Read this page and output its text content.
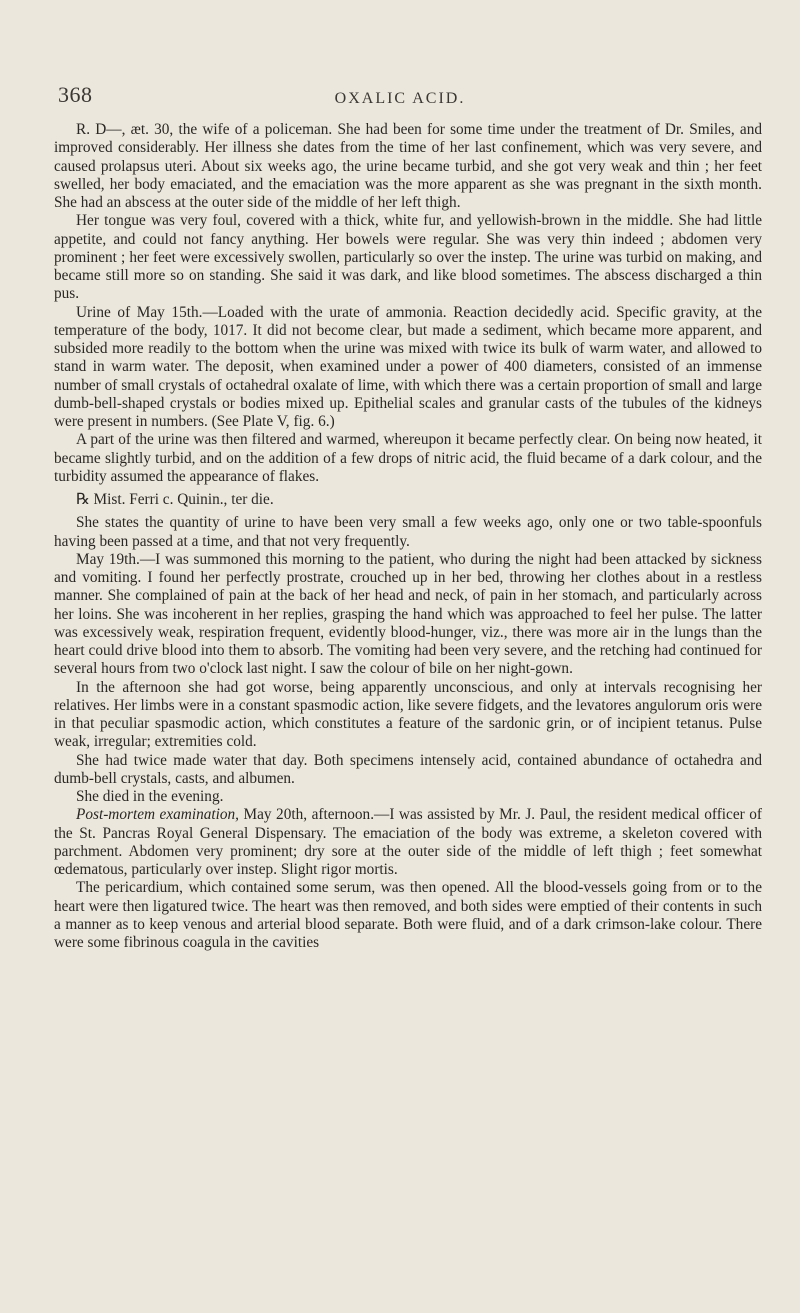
368	OXALIC ACID.

R. D—, æt. 30, the wife of a policeman. She had been for some time under the treatment of Dr. Smiles, and improved considerably. Her illness she dates from the time of her last confinement, which was very severe, and caused prolapsus uteri. About six weeks ago, the urine became turbid, and she got very weak and thin ; her feet swelled, her body emaciated, and the emaciation was the more apparent as she was pregnant in the sixth month. She had an abscess at the outer side of the middle of her left thigh.

Her tongue was very foul, covered with a thick, white fur, and yellowish-brown in the middle. She had little appetite, and could not fancy anything. Her bowels were regular. She was very thin indeed ; abdomen very prominent ; her feet were excessively swollen, particularly so over the instep. The urine was turbid on making, and became still more so on standing. She said it was dark, and like blood sometimes. The abscess discharged a thin pus.

Urine of May 15th.—Loaded with the urate of ammonia. Reaction decidedly acid. Specific gravity, at the temperature of the body, 1017. It did not become clear, but made a sediment, which became more apparent, and subsided more readily to the bottom when the urine was mixed with twice its bulk of warm water, and allowed to stand in warm water. The deposit, when examined under a power of 400 diameters, consisted of an immense number of small crystals of octahedral oxalate of lime, with which there was a certain proportion of small and large dumb-bell-shaped crystals or bodies mixed up. Epithelial scales and granular casts of the tubules of the kidneys were present in numbers. (See Plate V, fig. 6.)

A part of the urine was then filtered and warmed, whereupon it became perfectly clear. On being now heated, it became slightly turbid, and on the addition of a few drops of nitric acid, the fluid became of a dark colour, and the turbidity assumed the appearance of flakes.

℞ Mist. Ferri c. Quinin., ter die.

She states the quantity of urine to have been very small a few weeks ago, only one or two table-spoonfuls having been passed at a time, and that not very frequently.

May 19th.—I was summoned this morning to the patient, who during the night had been attacked by sickness and vomiting. I found her perfectly prostrate, crouched up in her bed, throwing her clothes about in a restless manner. She complained of pain at the back of her head and neck, of pain in her stomach, and particularly across her loins. She was incoherent in her replies, grasping the hand which was approached to feel her pulse. The latter was excessively weak, respiration frequent, evidently blood-hunger, viz., there was more air in the lungs than the heart could drive blood into them to absorb. The vomiting had been very severe, and the retching had continued for several hours from two o'clock last night. I saw the colour of bile on her night-gown.

In the afternoon she had got worse, being apparently unconscious, and only at intervals recognising her relatives. Her limbs were in a constant spasmodic action, like severe fidgets, and the levatores angulorum oris were in that peculiar spasmodic action, which constitutes a feature of the sardonic grin, or of incipient tetanus. Pulse weak, irregular; extremities cold.

She had twice made water that day. Both specimens intensely acid, contained abundance of octahedra and dumb-bell crystals, casts, and albumen.

She died in the evening.

Post-mortem examination, May 20th, afternoon.—I was assisted by Mr. J. Paul, the resident medical officer of the St. Pancras Royal General Dispensary. The emaciation of the body was extreme, a skeleton covered with parchment. Abdomen very prominent; dry sore at the outer side of the middle of left thigh ; feet somewhat œdematous, particularly over instep. Slight rigor mortis.

The pericardium, which contained some serum, was then opened. All the blood-vessels going from or to the heart were then ligatured twice. The heart was then removed, and both sides were emptied of their contents in such a manner as to keep venous and arterial blood separate. Both were fluid, and of a dark crimson-lake colour. There were some fibrinous coagula in the cavities
